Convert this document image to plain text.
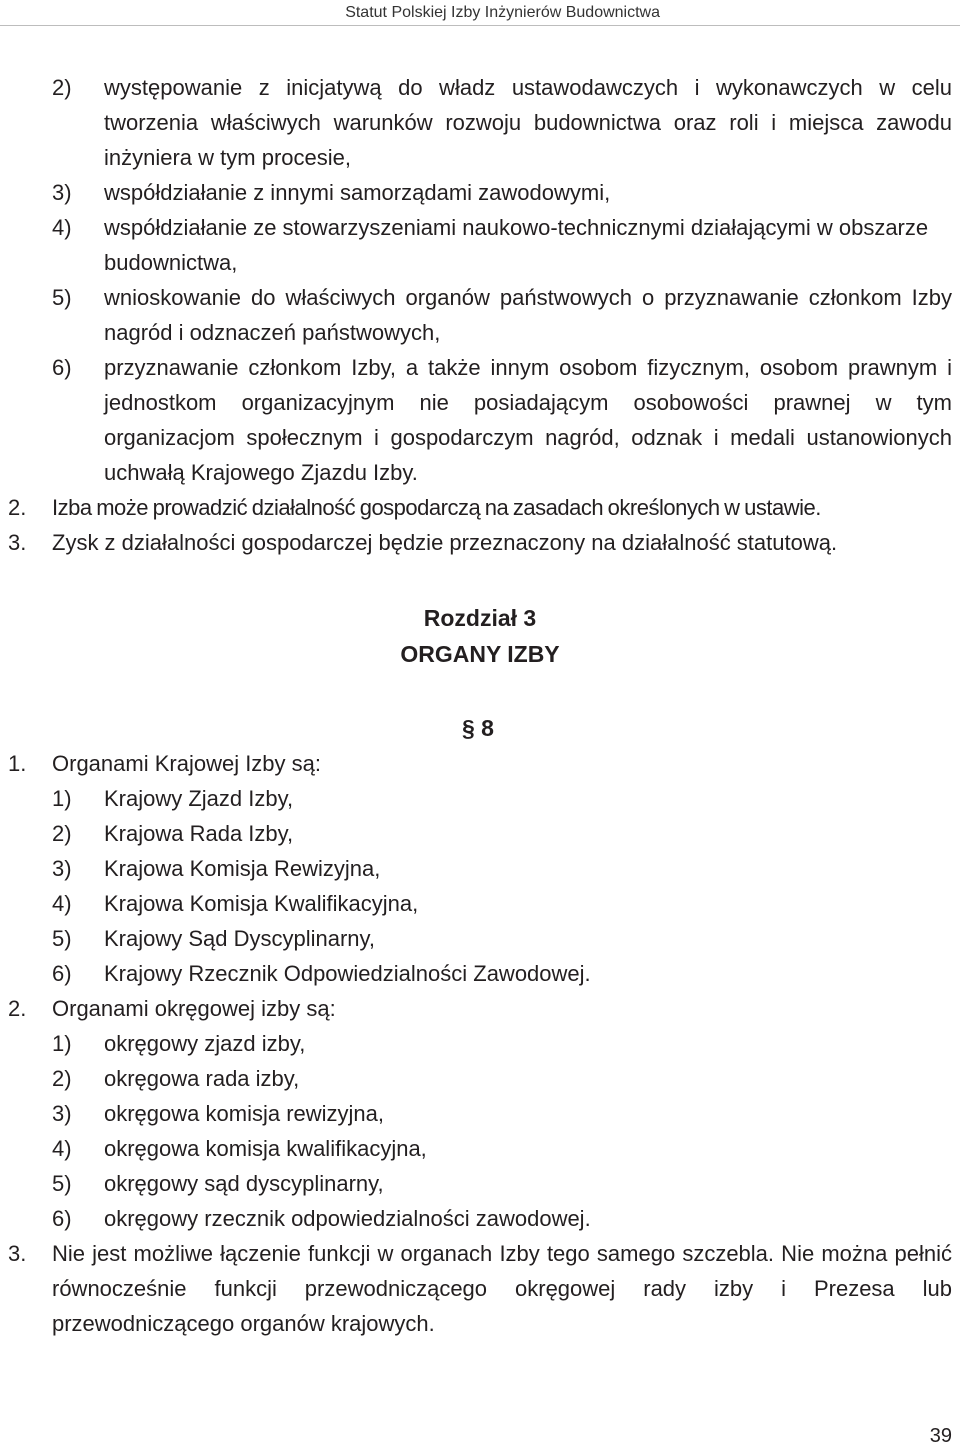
Statut Polskiej Izby Inżynierów Budownictwa
2) występowanie z inicjatywą do władz ustawodawczych i wykonawczych w celu tworzenia właściwych warunków rozwoju budownictwa oraz roli i miejsca zawodu inżyniera w tym procesie,
3) współdziałanie z innymi samorządami zawodowymi,
4) współdziałanie ze stowarzyszeniami naukowo-technicznymi działającymi w obszarze budownictwa,
5) wnioskowanie do właściwych organów państwowych o przyznawanie członkom Izby nagród i odznaczeń państwowych,
6) przyznawanie członkom Izby, a także innym osobom fizycznym, osobom prawnym i jednostkom organizacyjnym nie posiadającym osobowości prawnej w tym organizacjom społecznym i gospodarczym nagród, odznak i medali ustanowionych uchwałą Krajowego Zjazdu Izby.
2. Izba może prowadzić działalność gospodarczą na zasadach określonych w ustawie.
3. Zysk z działalności gospodarczej będzie przeznaczony na działalność statutową.
Rozdział 3
ORGANY IZBY
§ 8
1. Organami Krajowej Izby są:
1) Krajowy Zjazd Izby,
2) Krajowa Rada Izby,
3) Krajowa Komisja Rewizyjna,
4) Krajowa Komisja Kwalifikacyjna,
5) Krajowy Sąd Dyscyplinarny,
6) Krajowy Rzecznik Odpowiedzialności Zawodowej.
2. Organami okręgowej izby są:
1) okręgowy zjazd izby,
2) okręgowa rada izby,
3) okręgowa komisja rewizyjna,
4) okręgowa komisja kwalifikacyjna,
5) okręgowy sąd dyscyplinarny,
6) okręgowy rzecznik odpowiedzialności zawodowej.
3. Nie jest możliwe łączenie funkcji w organach Izby tego samego szczebla. Nie można pełnić równocześnie funkcji przewodniczącego okręgowej rady izby i Prezesa lub przewodniczącego organów krajowych.
39
